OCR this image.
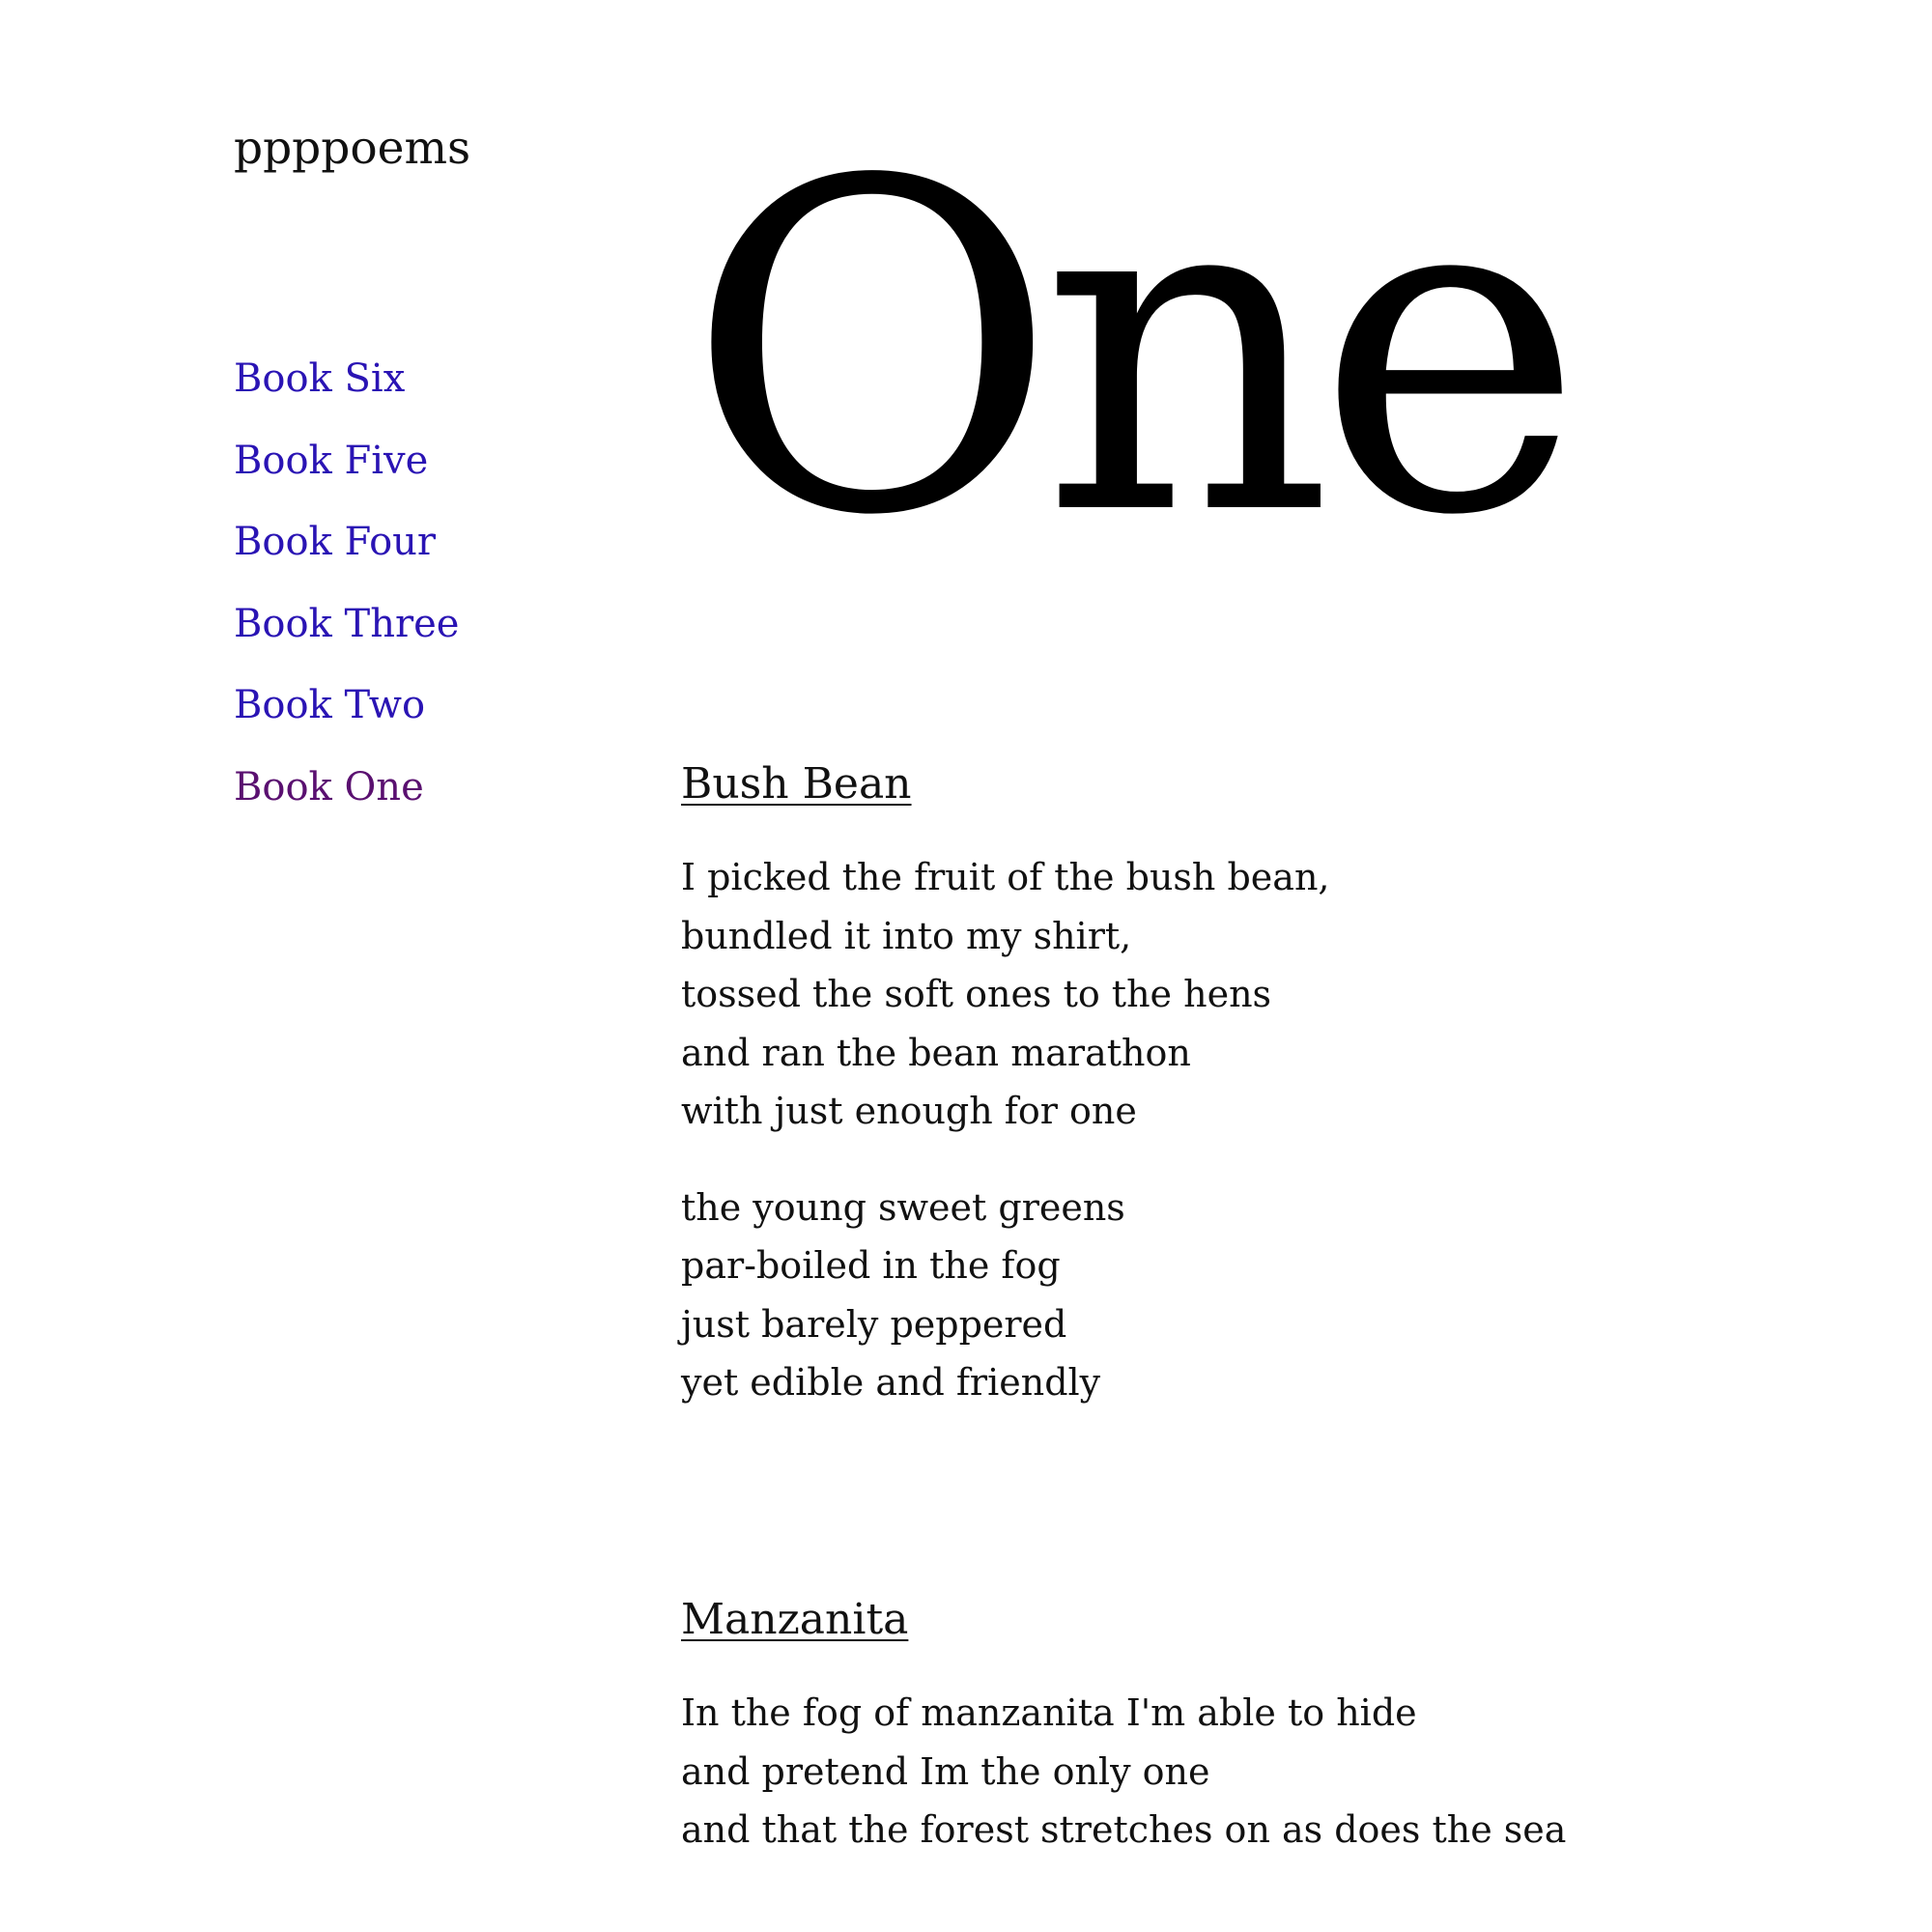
ppppoems
Book Six
Book Five
Book Four
Book Three
Book Two
Book One
One
Bush Bean
I picked the fruit of the bush bean,
bundled it into my shirt,
tossed the soft ones to the hens
and ran the bean marathon
with just enough for one
the young sweet greens
par-boiled in the fog
just barely peppered
yet edible and friendly
Manzanita
In the fog of manzanita I'm able to hide
and pretend Im the only one
and that the forest stretches on as does the sea
